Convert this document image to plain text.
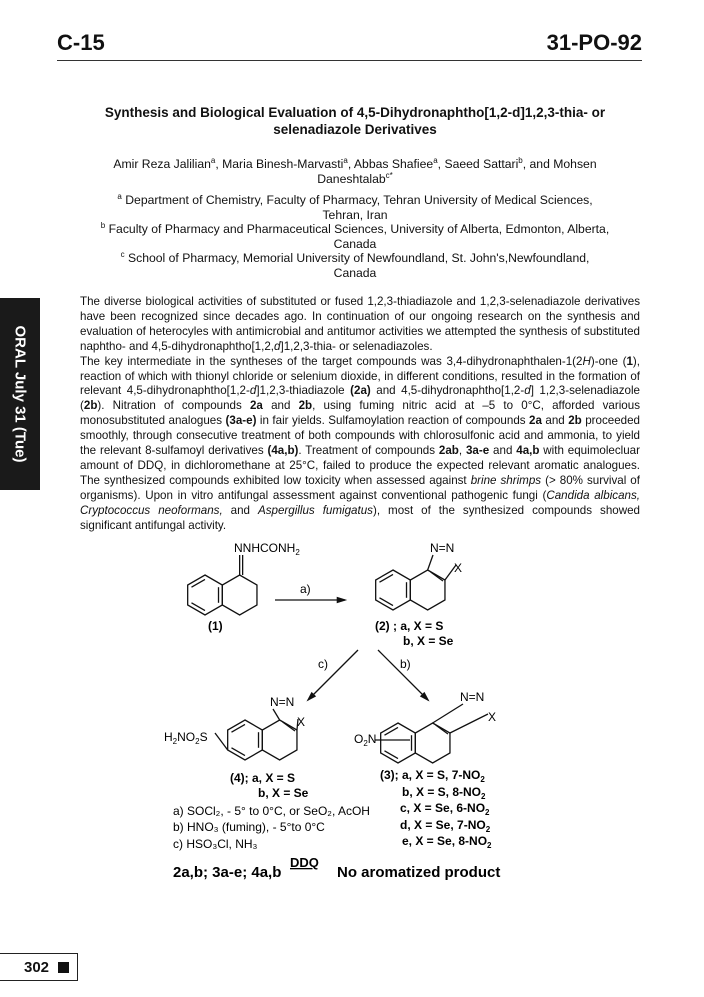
C-15	31-PO-92
Synthesis and Biological Evaluation of 4,5-Dihydronaphtho[1,2-d]1,2,3-thia- or selenadiazole Derivatives
Amir Reza Jalilian$^a$, Maria Binesh-Marvasti$^a$, Abbas Shafiee$^a$, Saeed Sattari$^b$, and Mohsen Daneshtalab$^{c*}$
$^a$ Department of Chemistry, Faculty of Pharmacy, Tehran University of Medical Sciences, Tehran, Iran
$^b$ Faculty of Pharmacy and Pharmaceutical Sciences, University of Alberta, Edmonton, Alberta, Canada
$^c$ School of Pharmacy, Memorial University of Newfoundland, St. John's,Newfoundland, Canada

The diverse biological activities of substituted or fused 1,2,3-thiadiazole and 1,2,3-selenadiazole derivatives have been recognized since decades ago. In continuation of our ongoing research on the synthesis and evaluation of heterocyles with antimicrobial and antitumor activities we attempted the synthesis of substituted naphtho- and 4,5-dihydronaphtho[1,2,d]1,2,3-thia- or selenadiazoles.

The key intermediate in the syntheses of the target compounds was 3,4-dihydronaphthalen-1(2H)-one (1), reaction of which with thionyl chloride or selenium dioxide, in different conditions, resulted in the formation of relevant 4,5-dihydronaphtho[1,2-d]1,2,3-thiadiazole (2a) and 4,5-dihydronaphtho[1,2-d] 1,2,3-selenadiazole (2b). Nitration of compounds 2a and 2b, using fuming nitric acid at –5 to 0°C, afforded various monosubstituted analogues (3a-e) in fair yields. Sulfamoylation reaction of compounds 2a and 2b proceeded smoothly, through consecutive treatment of both compounds with chlorosulfonic acid and ammonia, to yield the relevant 8-sulfamoyl derivatives (4a,b). Treatment of compounds 2ab, 3a-e and 4a,b with equimolecluar amount of DDQ, in dichloromethane at 25°C, failed to produce the expected relevant aromatic analogues. The synthesized compounds exhibited low toxicity when assessed against brine shrimps (> 80% survival of organisms). Upon in vitro antifungal assessment against conventional pathogenic fungi (Candida albicans, Cryptococcus neoformans, and Aspergillus fumigatus), most of the synthesized compounds showed significant antifungal activity.

ORAL July 31 (Tue)
$NNHCONH_2$
(1)
a)
N=N
X
(2) ; a, X = S
b, X = Se
c)	b)
$H_2NO_2S$
N=N
X
(4); a, X = S
b, X = Se
$O_2N$
N=N
X
(3); a, X = S, $7-NO_2$
b, X = S, $8-NO_2$
c, X = Se, $6-NO_2$
d, X = Se, $7-NO_2$
e, X = Se, $8-NO_2$
a) SOCl₂, - 5° to 0°C, or SeO₂, AcOH
b) HNO₃ (fuming), - 5°to 0°C
c) HSO₃Cl, NH₃
2a,b; 3a-e; 4a,b
DDQ
No aromatized product
302
